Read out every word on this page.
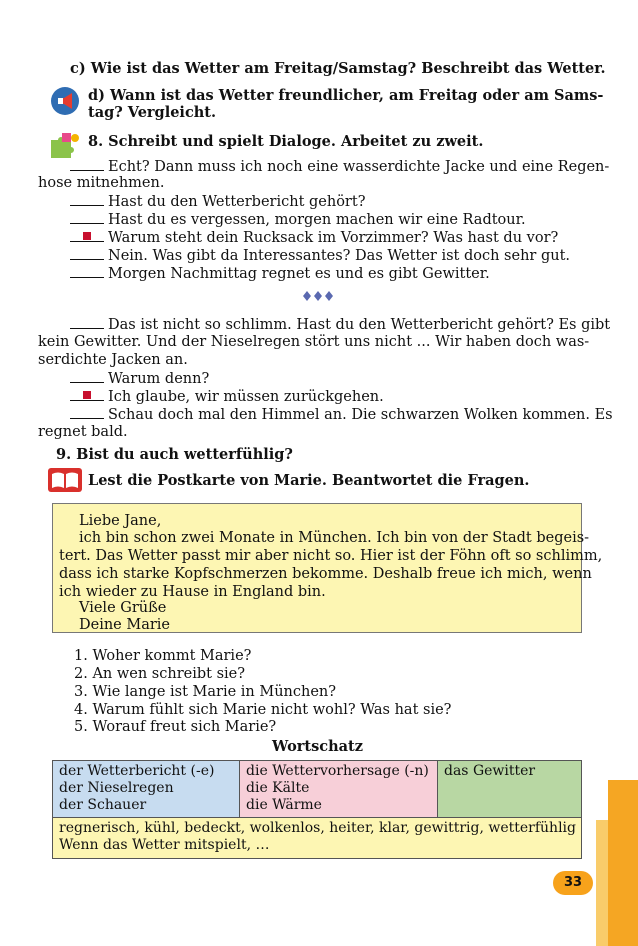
c) Wie ist das Wetter am Freitag/Samstag? Beschreibt das Wetter.
d) Wann ist das Wetter freundlicher, am Freitag oder am Sams-
tag? Vergleicht.
8. Schreibt und spielt Dialoge. Arbeitet zu zweit.
Echt? Dann muss ich noch eine wasserdichte Jacke und eine Regen-
hose mitnehmen.
Hast du den Wetterbericht gehört?
Hast du es vergessen, morgen machen wir eine Radtour.
Warum steht dein Rucksack im Vorzimmer? Was hast du vor?
Nein. Was gibt da Interessantes? Das Wetter ist doch sehr gut.
Morgen Nachmittag regnet es und es gibt Gewitter.
Das ist nicht so schlimm. Hast du den Wetterbericht gehört? Es gibt
kein Gewitter. Und der Nieselregen stört uns nicht ... Wir haben doch was-
serdichte Jacken an.
Warum denn?
Ich glaube, wir müssen zurückgehen.
Schau doch mal den Himmel an. Die schwarzen Wolken kommen. Es
regnet bald.
9. Bist du auch wetterfühlig?
Lest die Postkarte von Marie. Beantwortet die Fragen.
Liebe Jane,
ich bin schon zwei Monate in München. Ich bin von der Stadt begeis-
tert. Das Wetter passt mir aber nicht so. Hier ist der Föhn oft so schlimm,
dass ich starke Kopfschmerzen bekomme. Deshalb freue ich mich, wenn
ich wieder zu Hause in England bin.
Viele Grüße
Deine Marie
1. Woher kommt Marie?
2. An wen schreibt sie?
3. Wie lange ist Marie in München?
4. Warum fühlt sich Marie nicht wohl? Was hat sie?
5. Worauf freut sich Marie?
Wortschatz
der Wetterbericht (-e)
der Nieselregen
der Schauer
die Wettervorhersage (-n)
die Kälte
die Wärme
das Gewitter
regnerisch, kühl, bedeckt, wolkenlos, heiter, klar, gewittrig, wetterfühlig
Wenn das Wetter mitspielt, …
33
